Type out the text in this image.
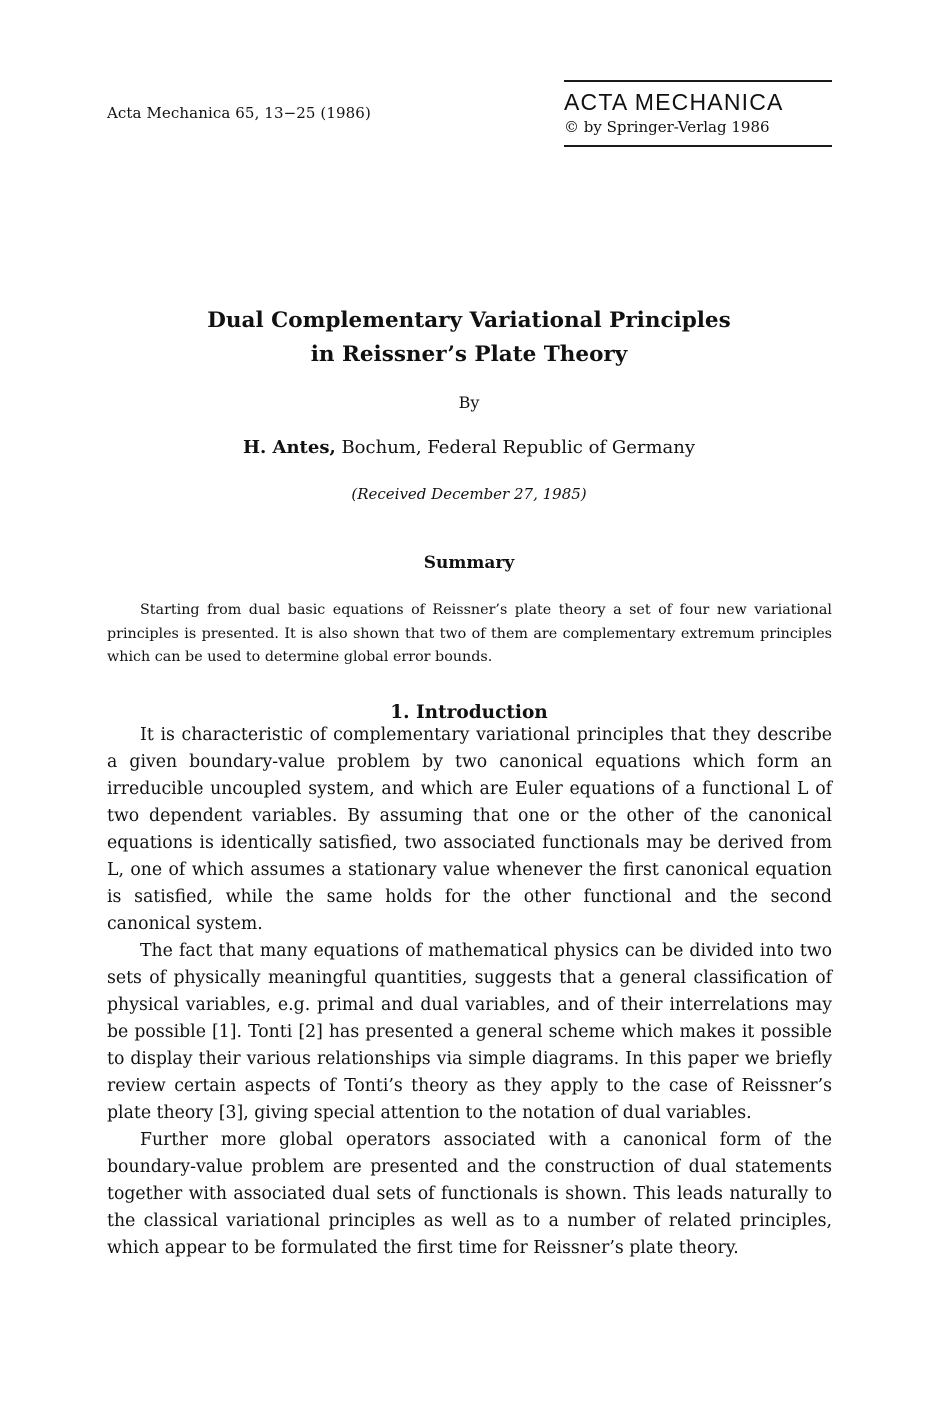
Acta Mechanica 65, 13−25 (1986)	ACTA MECHANICA

© by Springer-Verlag 1986

Dual Complementary Variational Principles
in Reissner’s Plate Theory

By

H. Antes, Bochum, Federal Republic of Germany

(Received December 27, 1985)

Summary

Starting from dual basic equations of Reissner’s plate theory a set of four new variational principles is presented. It is also shown that two of them are complementary extremum principles which can be used to determine global error bounds.

1. Introduction

It is characteristic of complementary variational principles that they describe a given boundary-value problem by two canonical equations which form an irreducible uncoupled system, and which are Euler equations of a functional L of two dependent variables. By assuming that one or the other of the canonical equations is identically satisfied, two associated functionals may be derived from L, one of which assumes a stationary value whenever the first canonical equation is satisfied, while the same holds for the other functional and the second canonical system.

The fact that many equations of mathematical physics can be divided into two sets of physically meaningful quantities, suggests that a general classification of physical variables, e.g. primal and dual variables, and of their interrelations may be possible [1]. Tonti [2] has presented a general scheme which makes it possible to display their various relationships via simple diagrams. In this paper we briefly review certain aspects of Tonti’s theory as they apply to the case of Reissner’s plate theory [3], giving special attention to the notation of dual variables.

Further more global operators associated with a canonical form of the boundary-value problem are presented and the construction of dual statements together with associated dual sets of functionals is shown. This leads naturally to the classical variational principles as well as to a number of related principles, which appear to be formulated the first time for Reissner’s plate theory.
